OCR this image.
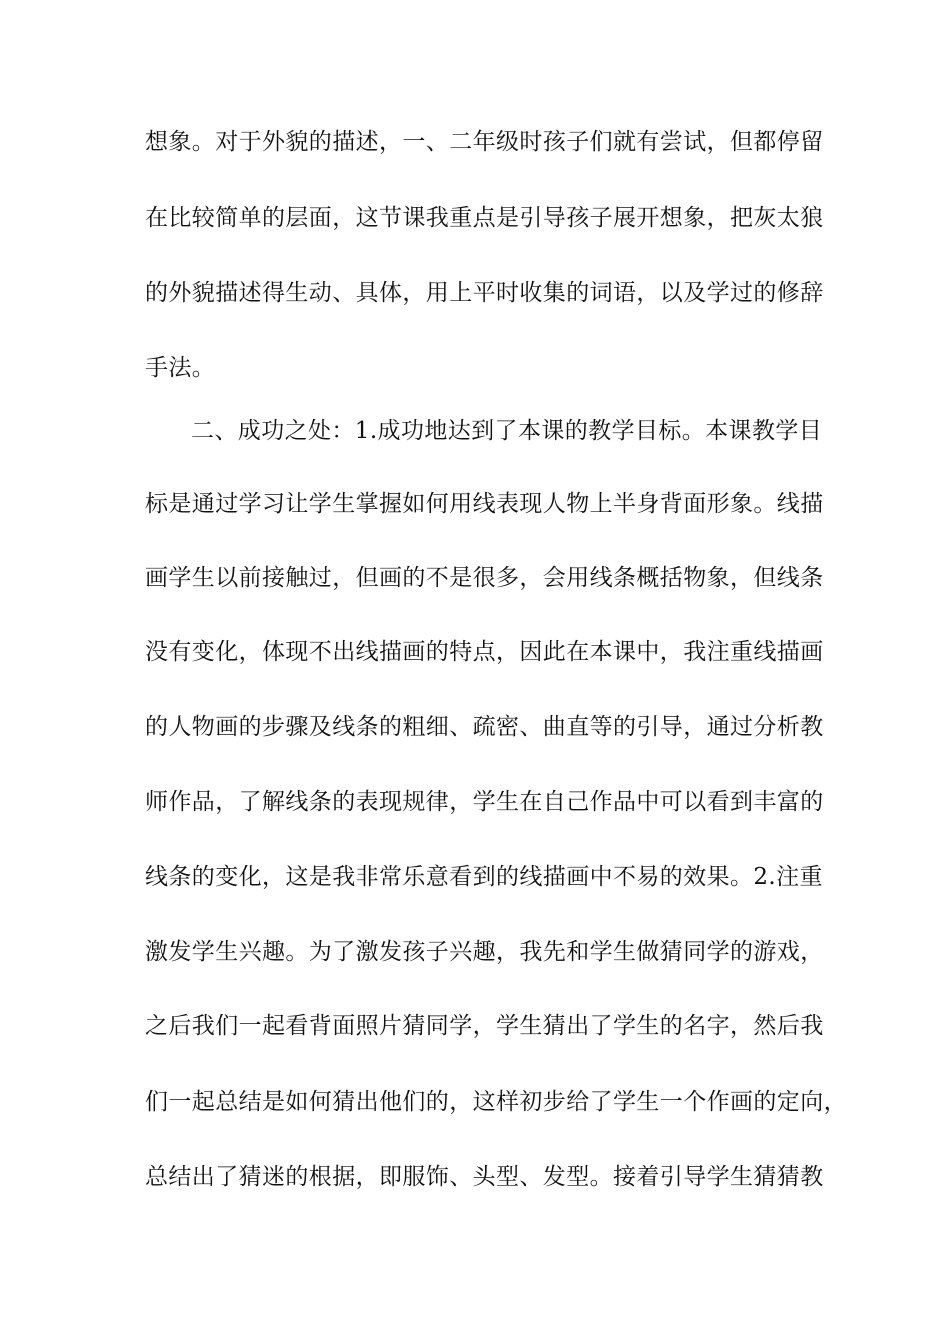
想象。对于外貌的描述，一、二年级时孩子们就有尝试，但都停留
在比较简单的层面，这节课我重点是引导孩子展开想象，把灰太狼
的外貌描述得生动、具体，用上平时收集的词语，以及学过的修辞
手法。
二、成功之处：1.成功地达到了本课的教学目标。本课教学目
标是通过学习让学生掌握如何用线表现人物上半身背面形象。线描
画学生以前接触过，但画的不是很多，会用线条概括物象，但线条
没有变化，体现不出线描画的特点，因此在本课中，我注重线描画
的人物画的步骤及线条的粗细、疏密、曲直等的引导，通过分析教
师作品，了解线条的表现规律，学生在自己作品中可以看到丰富的
线条的变化，这是我非常乐意看到的线描画中不易的效果。2.注重
激发学生兴趣。为了激发孩子兴趣，我先和学生做猜同学的游戏，
之后我们一起看背面照片猜同学，学生猜出了学生的名字，然后我
们一起总结是如何猜出他们的，这样初步给了学生一个作画的定向，
总结出了猜迷的根据，即服饰、头型、发型。接着引导学生猜猜教
